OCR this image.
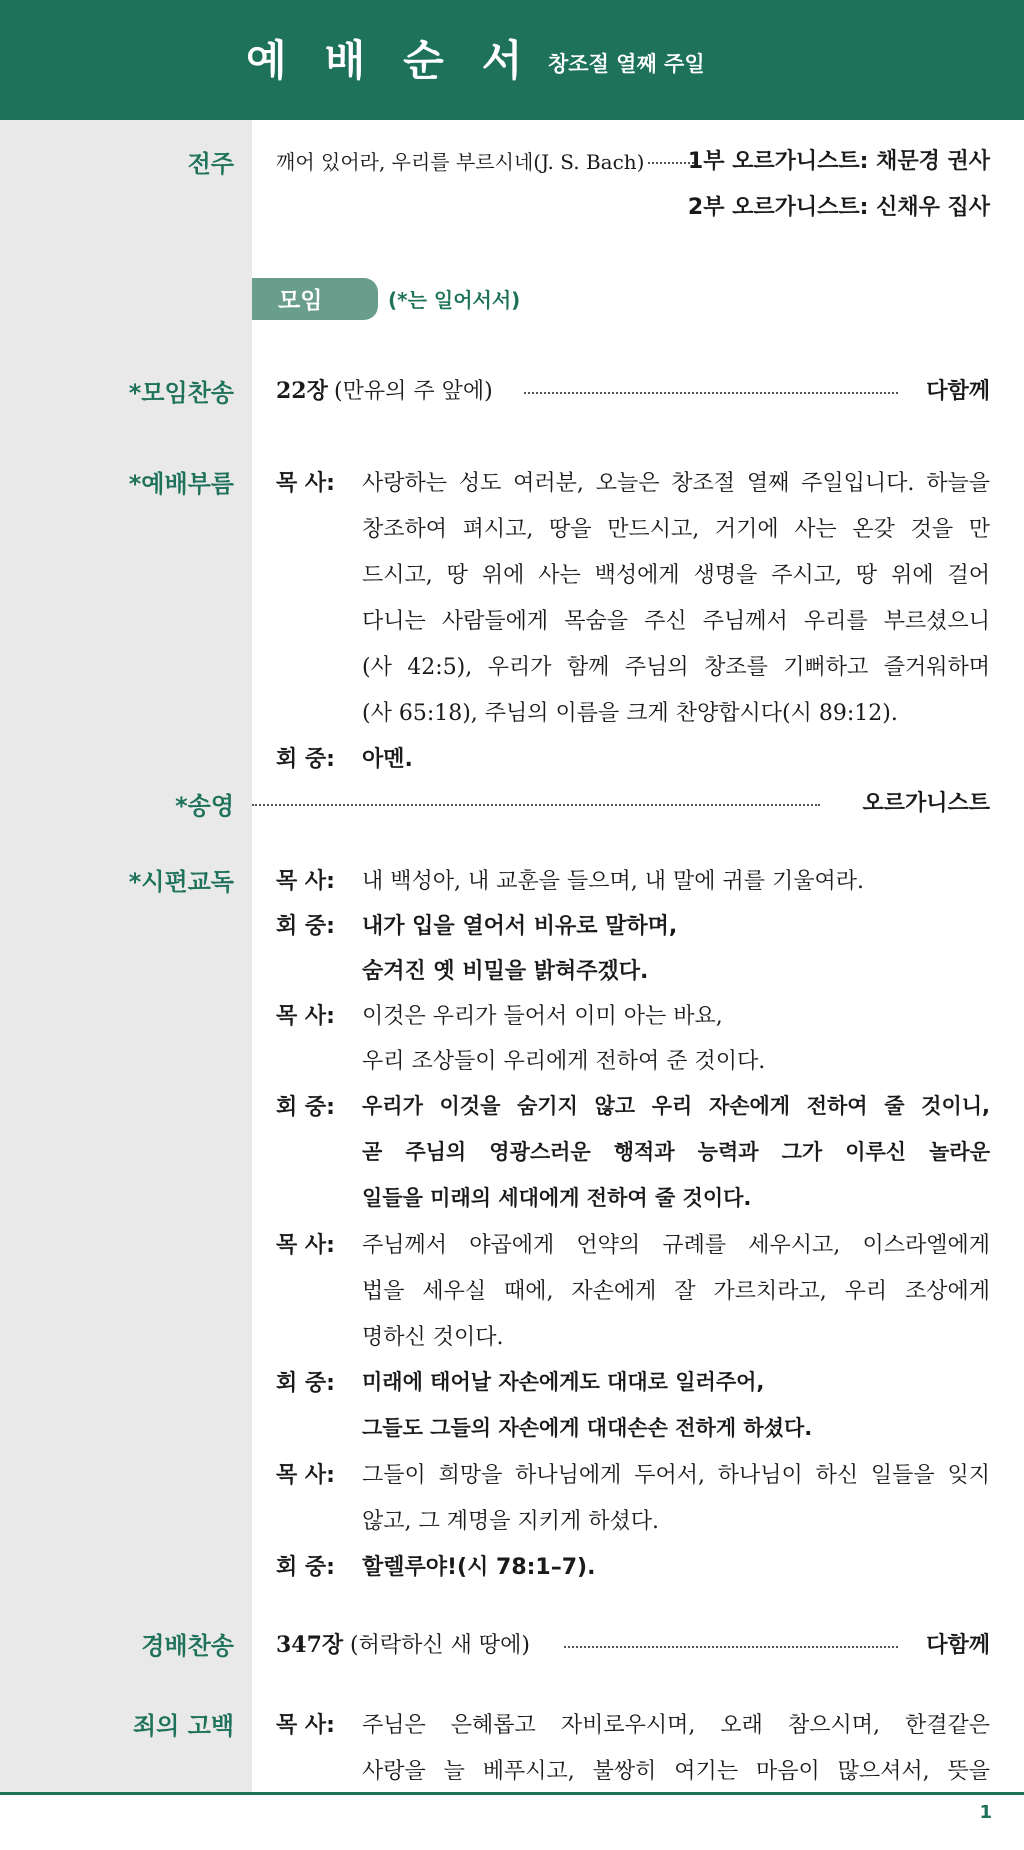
예배순서
창조절 열째 주일
전주 깨어 있어라, 우리를 부르시네(J. S. Bach) 1부 오르가니스트: 채문경 권사
2부 오르가니스트: 신채우 집사
모임	(*는 일어서서)
*모임찬송 22장 (만유의 주 앞에)	다함께
*예배부름 목 사: 사랑하는 성도 여러분, 오늘은 창조절 열째 주일입니다. 하늘을
창조하여 펴시고, 땅을 만드시고, 거기에 사는 온갖 것을 만
드시고, 땅 위에 사는 백성에게 생명을 주시고, 땅 위에 걸어
다니는 사람들에게 목숨을 주신 주님께서 우리를 부르셨으니
(사 42:5), 우리가 함께 주님의 창조를 기뻐하고 즐거워하며
(사 65:18), 주님의 이름을 크게 찬양합시다(시 89:12).
회 중: 아멘.
*송영	오르가니스트
*시편교독 목 사: 내 백성아, 내 교훈을 들으며, 내 말에 귀를 기울여라.
회 중: 내가 입을 열어서 비유로 말하며,
숨겨진 옛 비밀을 밝혀주겠다.
목 사: 이것은 우리가 들어서 이미 아는 바요,
우리 조상들이 우리에게 전하여 준 것이다.
회 중: 우리가 이것을 숨기지 않고 우리 자손에게 전하여 줄 것이니,
곧 주님의 영광스러운 행적과 능력과 그가 이루신 놀라운
일들을 미래의 세대에게 전하여 줄 것이다.
목 사: 주님께서 야곱에게 언약의 규례를 세우시고, 이스라엘에게
법을 세우실 때에, 자손에게 잘 가르치라고, 우리 조상에게
명하신 것이다.
회 중: 미래에 태어날 자손에게도 대대로 일러주어,
그들도 그들의 자손에게 대대손손 전하게 하셨다.
목 사: 그들이 희망을 하나님에게 두어서, 하나님이 하신 일들을 잊지
않고, 그 계명을 지키게 하셨다.
회 중: 할렐루야!(시 78:1–7).
경배찬송 347장 (허락하신 새 땅에)	다함께
죄의 고백 목 사: 주님은 은혜롭고 자비로우시며, 오래 참으시며, 한결같은
사랑을 늘 베푸시고, 불쌍히 여기는 마음이 많으셔서, 뜻을
1
